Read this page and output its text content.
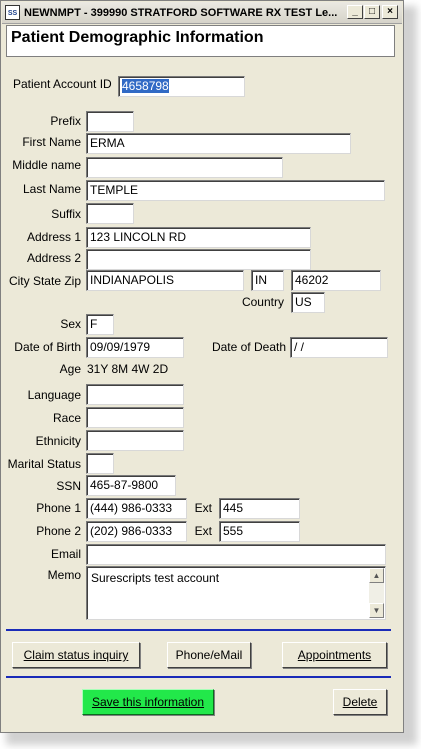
SS NEWNMPT - 399990 STRATFORD SOFTWARE RX TEST Le...	_	□	×
Patient Demographic Information
Patient Account ID 4658798
Prefix
First Name ERMA
Middle name
Last Name TEMPLE
Suffix
Address 1 123 LINCOLN RD
Address 2
City State Zip INDIANAPOLIS	IN	46202
Country US
Sex F
Date of Birth 09/09/1979	Date of Death / /
Age 31Y 8M 4W 2D
Language
Race
Ethnicity
Marital Status
SSN 465-87-9800
Phone 1 (444) 986-0333	Ext 445
Phone 2 (202) 986-0333	Ext 555
Email
Memo Surescripts test account	▲
▼
Claim status inquiry	Phone/eMail	Appointments
Save this information	Delete
